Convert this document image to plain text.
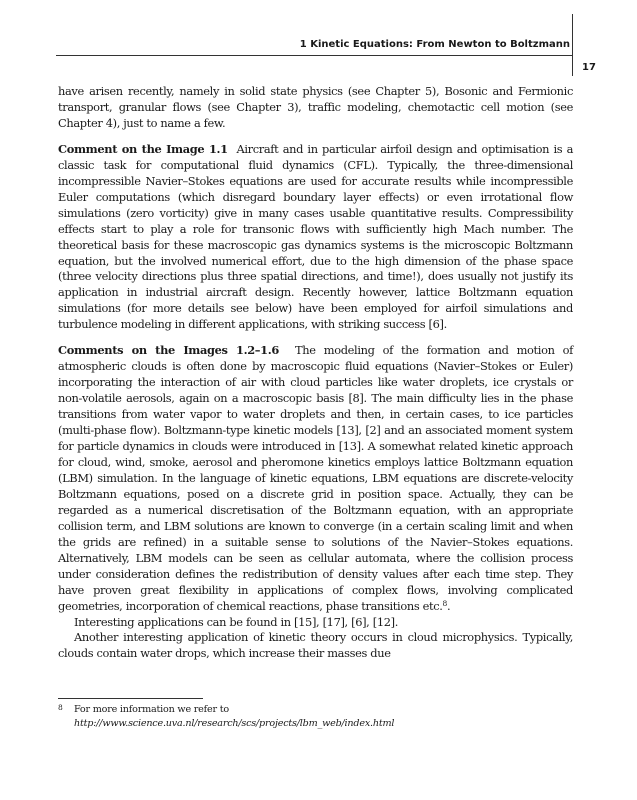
1 Kinetic Equations: From Newton to Boltzmann
17

have arisen recently, namely in solid state physics (see Chapter 5), Bosonic and Fermionic transport, granular flows (see Chapter 3), traffic modeling, chemotactic cell motion (see Chapter 4), just to name a few.

Comment on the Image 1.1 Aircraft and in particular airfoil design and optimisation is a classic task for computational fluid dynamics (CFL). Typically, the three-dimensional incompressible Navier–Stokes equations are used for accurate results while incompressible Euler computations (which disregard boundary layer effects) or even irrotational flow simulations (zero vorticity) give in many cases usable quantitative results. Compressibility effects start to play a role for transonic flows with sufficiently high Mach number. The theoretical basis for these macroscopic gas dynamics systems is the microscopic Boltzmann equation, but the involved numerical effort, due to the high dimension of the phase space (three velocity directions plus three spatial directions, and time!), does usually not justify its application in industrial aircraft design. Recently however, lattice Boltzmann equation simulations (for more details see below) have been employed for airfoil simulations and turbulence modeling in different applications, with striking success [6].

Comments on the Images 1.2–1.6 The modeling of the formation and motion of atmospheric clouds is often done by macroscopic fluid equations (Navier–Stokes or Euler) incorporating the interaction of air with cloud particles like water droplets, ice crystals or non-volatile aerosols, again on a macroscopic basis [8]. The main difficulty lies in the phase transitions from water vapor to water droplets and then, in certain cases, to ice particles (multi-phase flow). Boltzmann-type kinetic models [13], [2] and an associated moment system for particle dynamics in clouds were introduced in [13]. A somewhat related kinetic approach for cloud, wind, smoke, aerosol and pheromone kinetics employs lattice Boltzmann equation (LBM) simulation. In the language of kinetic equations, LBM equations are discrete-velocity Boltzmann equations, posed on a discrete grid in position space. Actually, they can be regarded as a numerical discretisation of the Boltzmann equation, with an appropriate collision term, and LBM solutions are known to converge (in a certain scaling limit and when the grids are refined) in a suitable sense to solutions of the Navier–Stokes equations. Alternatively, LBM models can be seen as cellular automata, where the collision process under consideration defines the redistribution of density values after each time step. They have proven great flexibility in applications of complex flows, involving complicated geometries, incorporation of chemical reactions, phase transitions etc.$^8$.

Interesting applications can be found in [15], [17], [6], [12].

Another interesting application of kinetic theory occurs in cloud microphysics. Typically, clouds contain water drops, which increase their masses due

8 For more information we refer to
http://www.science.uva.nl/research/scs/projects/lbm_web/index.html
